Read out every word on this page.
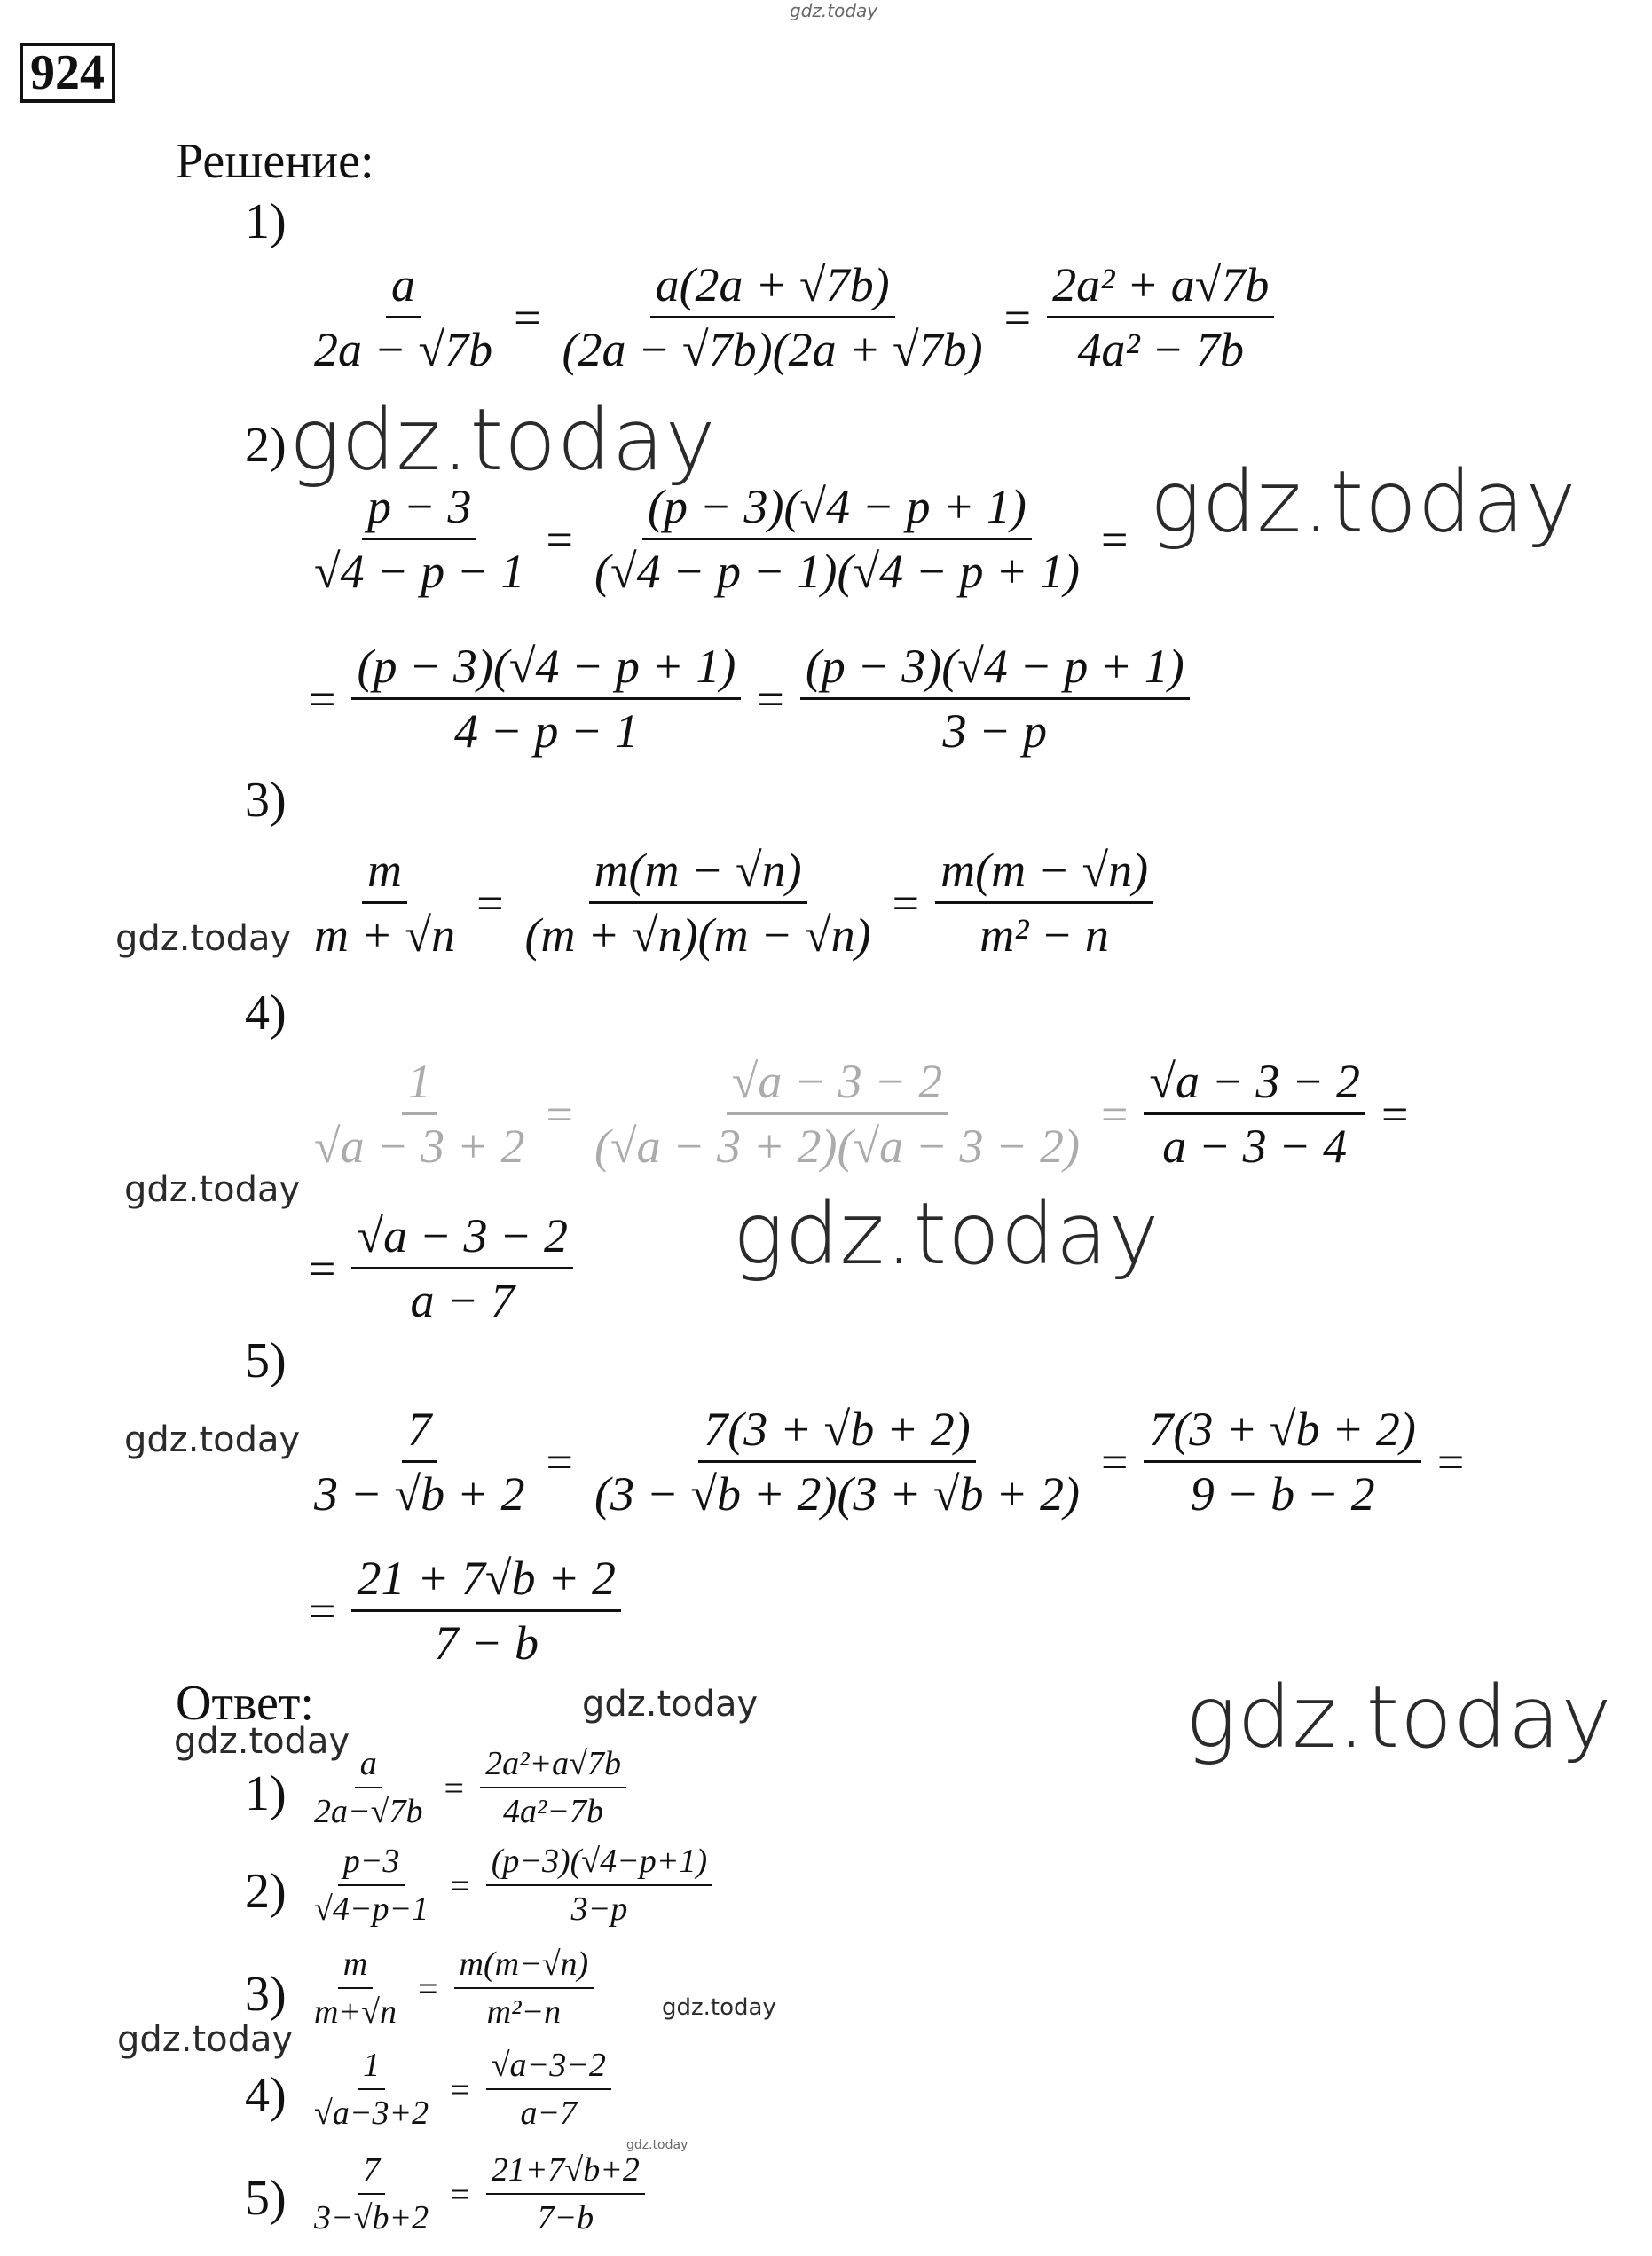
gdz.today
924
Решение:
1)
$\frac{a}{2a - √7b} = \frac{a(2a + √7b)}{(2a - √7b)(2a + √7b)} = \frac{\text{2a² + a√7b}}{\text{4a² − 7b}}$
2) gdz.today
$\frac{p - 3}{√4 - p - 1} = \frac{(p - 3)(√4 - p + 1)}{(√4 - p - 1)(√4 - p + 1)}$ = gdz.today
= $\frac{(p - 3)(√4 - p + 1)}{4 - p - 1} = \frac{(p - 3)(√4 - p + 1)}{3 - p}$
3)
gdz.today $\frac{m}{m + √n} = \frac{m(m - √n)}{(m + √n)(m - √n)} = \frac{m(m - √n)}{\text{m² − n}}$
4)
gdz.today
$\frac{1}{√a - 3 + 2} = \frac{√a - 3 - 2}{(√a - 3 + 2)(√a - 3 - 2)} = \frac{√a - 3 - 2}{a - 3 - 4}$ =
= $\frac{√a - 3 - 2}{a - 7}$ gdz.today
5)
gdz.today $\frac{7}{3 - √b + 2} = \frac{7(3 + √b + 2)}{(3 - √b + 2)(3 + √b + 2)} = \frac{7(3 + √b + 2)}{9 - b - 2}$ =
= $\frac{21 + 7√b + 2}{7 - b}$
Ответ:	gdz.today	gdz.today
gdz.today
$1) \frac{a}{2a-√7b} = \frac{\text{2a²+a√7b}}{\text{4a²−7b}}$
$2) \frac{p-3}{√4-p-1} = \frac{(p-3)(√4-p+1)}{3-p}$
$3) \frac{m}{m+√n} = \frac{m(m-√n)}{\text{m²−n}}$	gdz.today
gdz.today
$4) \frac{1}{√a-3+2} = \frac{√a-3-2}{a-7}$
gdz.today
$5) \frac{7}{3-√b+2} = \frac{21+7√b+2}{7-b}$
